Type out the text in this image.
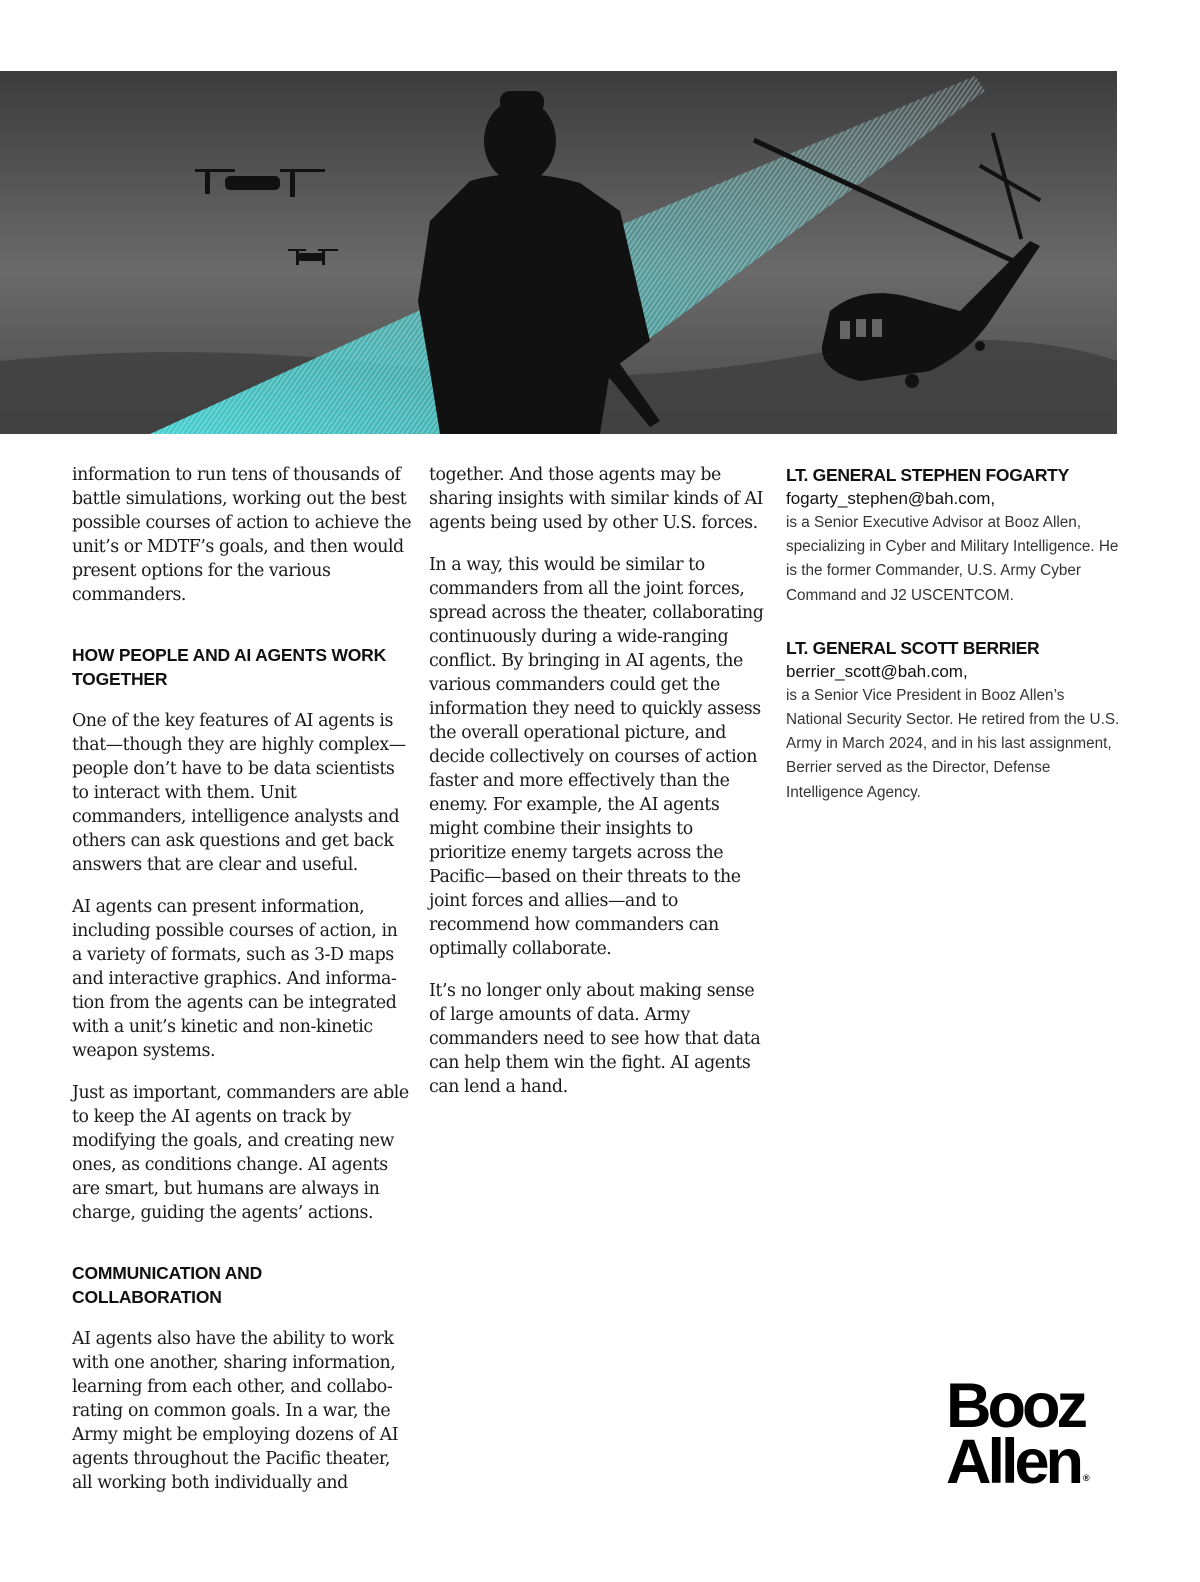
information to run tens of thousands of battle simulations, working out the best possible courses of action to achieve the unit’s or MDTF’s goals, and then would present options for the various commanders.

HOW PEOPLE AND AI AGENTS WORK TOGETHER

One of the key features of AI agents is that—though they are highly complex—people don’t have to be data scientists to interact with them. Unit commanders, intelligence analysts and others can ask questions and get back answers that are clear and useful.

AI agents can present information, including possible courses of action, in a variety of formats, such as 3-D maps and interactive graphics. And informa-tion from the agents can be integrated with a unit’s kinetic and non-kinetic weapon systems.

Just as important, commanders are able to keep the AI agents on track by modifying the goals, and creating new ones, as conditions change. AI agents are smart, but humans are always in charge, guiding the agents’ actions.

COMMUNICATION AND COLLABORATION

AI agents also have the ability to work with one another, sharing information, learning from each other, and collabo-rating on common goals. In a war, the Army might be employing dozens of AI agents throughout the Pacific theater, all working both individually and

together. And those agents may be sharing insights with similar kinds of AI agents being used by other U.S. forces.

In a way, this would be similar to commanders from all the joint forces, spread across the theater, collaborating continuously during a wide-ranging conflict. By bringing in AI agents, the various commanders could get the information they need to quickly assess the overall operational picture, and decide collectively on courses of action faster and more effectively than the enemy. For example, the AI agents might combine their insights to prioritize enemy targets across the Pacific—based on their threats to the joint forces and allies—and to recommend how commanders can optimally collaborate.

It’s no longer only about making sense of large amounts of data. Army commanders need to see how that data can help them win the fight. AI agents can lend a hand.

LT. GENERAL STEPHEN FOGARTY

fogarty_stephen@bah.com,

is a Senior Executive Advisor at Booz Allen, specializing in Cyber and Military Intelligence. He is the former Commander, U.S. Army Cyber Command and J2 USCENTCOM.

LT. GENERAL SCOTT BERRIER

berrier_scott@bah.com,

is a Senior Vice President in Booz Allen’s National Security Sector. He retired from the U.S. Army in March 2024, and in his last assignment, Berrier served as the Director, Defense Intelligence Agency.

Booz
Allen ®
